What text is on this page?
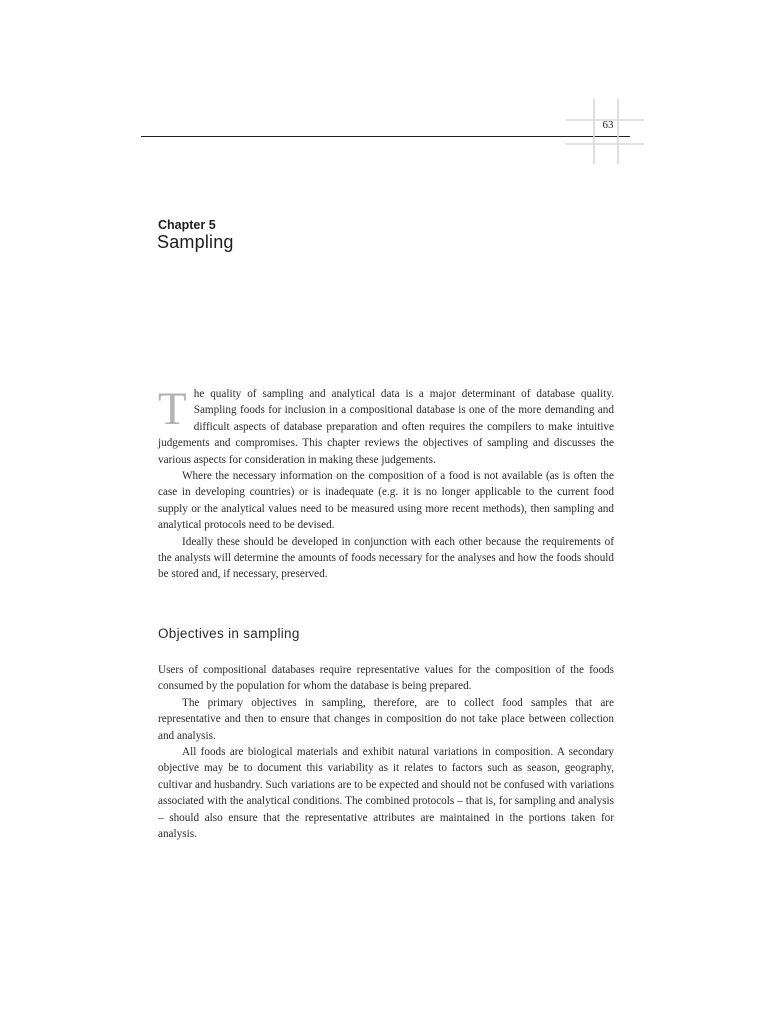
63
Chapter 5
Sampling

The quality of sampling and analytical data is a major determinant of database quality. Sampling foods for inclusion in a compositional database is one of the more demanding and difficult aspects of database preparation and often requires the compilers to make intuitive judgements and compromises. This chapter reviews the objectives of sampling and discusses the various aspects for consideration in making these judgements.

Where the necessary information on the composition of a food is not available (as is often the case in developing countries) or is inadequate (e.g. it is no longer applicable to the current food supply or the analytical values need to be measured using more recent methods), then sampling and analytical protocols need to be devised.

Ideally these should be developed in conjunction with each other because the requirements of the analysts will determine the amounts of foods necessary for the analyses and how the foods should be stored and, if necessary, preserved.

Objectives in sampling

Users of compositional databases require representative values for the composition of the foods consumed by the population for whom the database is being prepared.

The primary objectives in sampling, therefore, are to collect food samples that are representative and then to ensure that changes in composition do not take place between collection and analysis.

All foods are biological materials and exhibit natural variations in composition. A secondary objective may be to document this variability as it relates to factors such as season, geography, cultivar and husbandry. Such variations are to be expected and should not be confused with variations associated with the analytical conditions. The combined protocols – that is, for sampling and analysis – should also ensure that the representative attributes are maintained in the portions taken for analysis.
